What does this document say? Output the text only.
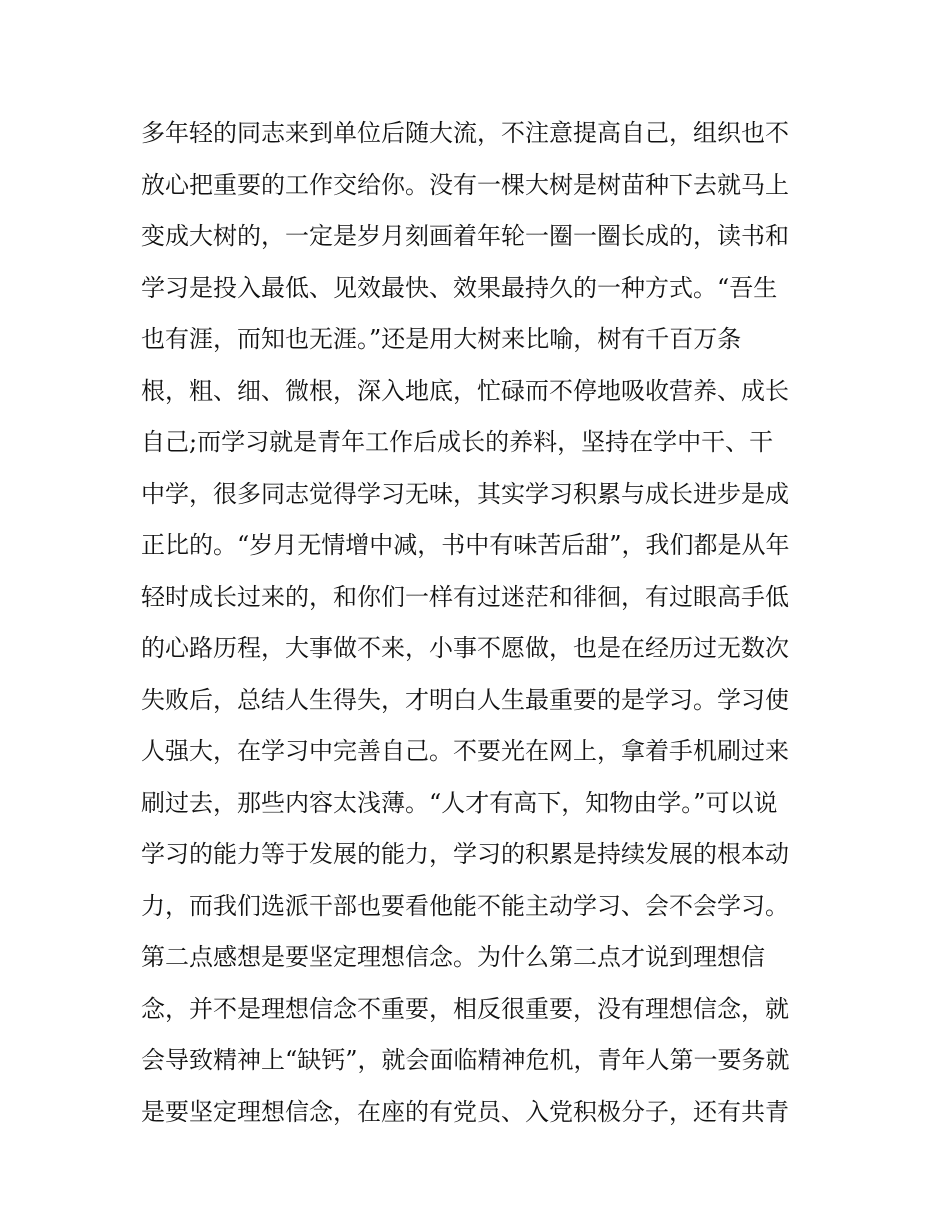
多年轻的同志来到单位后随大流，不注意提高自己，组织也不
放心把重要的工作交给你。没有一棵大树是树苗种下去就马上
变成大树的，一定是岁月刻画着年轮一圈一圈长成的，读书和
学习是投入最低、见效最快、效果最持久的一种方式。“吾生
也有涯，而知也无涯。”还是用大树来比喻，树有千百万条
根，粗、细、微根，深入地底，忙碌而不停地吸收营养、成长
自己;而学习就是青年工作后成长的养料，坚持在学中干、干
中学，很多同志觉得学习无味，其实学习积累与成长进步是成
正比的。“岁月无情增中减，书中有味苦后甜”，我们都是从年
轻时成长过来的，和你们一样有过迷茫和徘徊，有过眼高手低
的心路历程，大事做不来，小事不愿做，也是在经历过无数次
失败后，总结人生得失，才明白人生最重要的是学习。学习使
人强大，在学习中完善自己。不要光在网上，拿着手机刷过来
刷过去，那些内容太浅薄。“人才有高下，知物由学。”可以说
学习的能力等于发展的能力，学习的积累是持续发展的根本动
力，而我们选派干部也要看他能不能主动学习、会不会学习。
第二点感想是要坚定理想信念。为什么第二点才说到理想信
念，并不是理想信念不重要，相反很重要，没有理想信念，就
会导致精神上“缺钙”，就会面临精神危机，青年人第一要务就
是要坚定理想信念，在座的有党员、入党积极分子，还有共青
